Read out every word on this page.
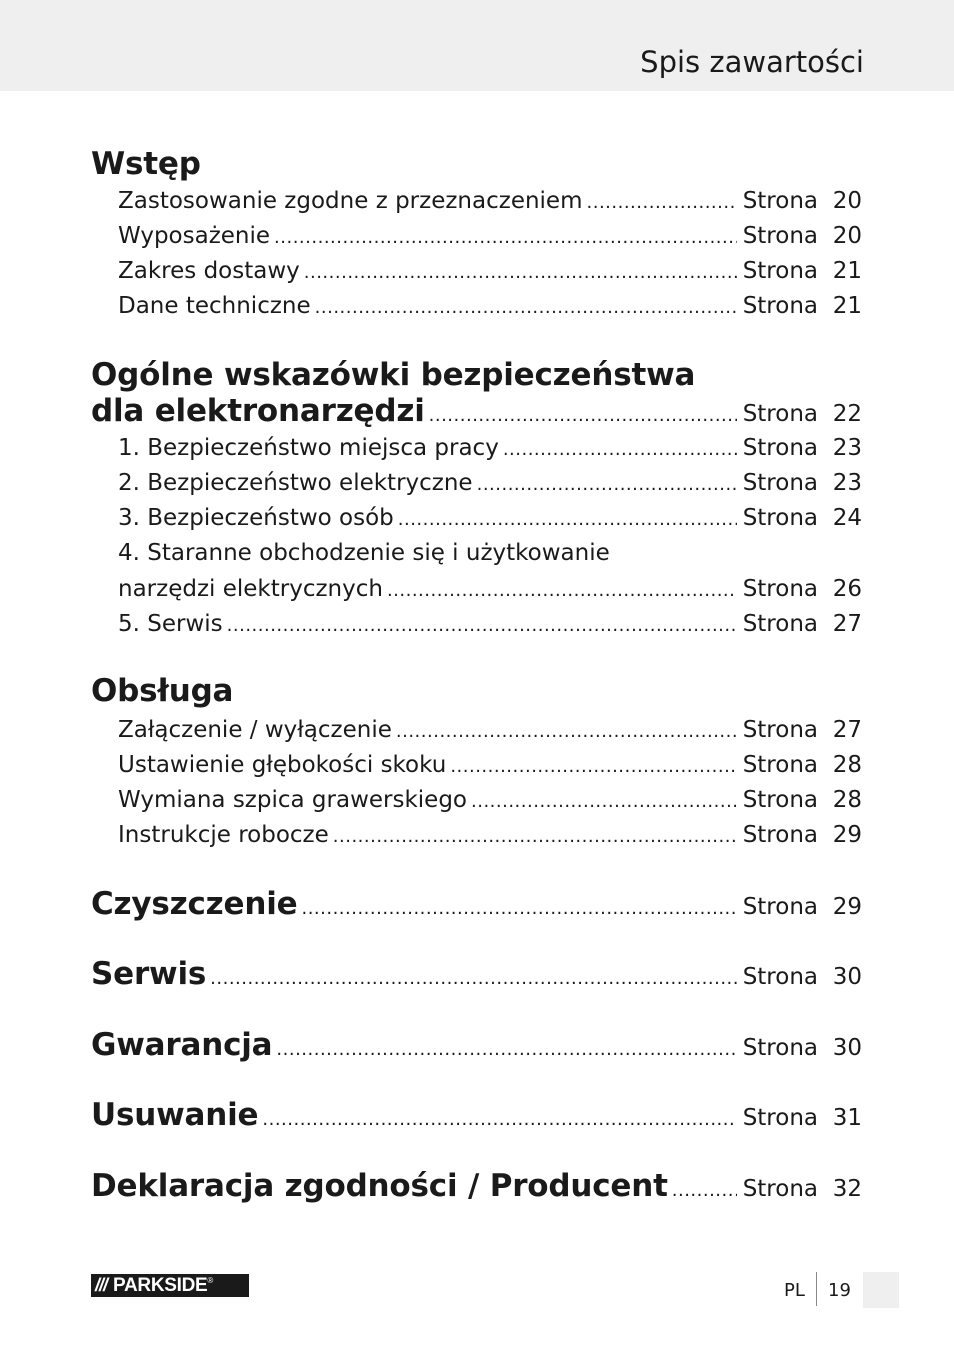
Spis zawartości
Wstęp
Zastosowanie zgodne z przeznaczeniem .....	Strona 20
Wyposażenie .....	Strona 20
Zakres dostawy .....	Strona 21
Dane techniczne .....	Strona 21
Ogólne wskazówki bezpieczeństwa
dla elektronarzędzi .....	Strona 22
1. Bezpieczeństwo miejsca pracy .....	Strona 23
2. Bezpieczeństwo elektryczne .....	Strona 23
3. Bezpieczeństwo osób .....	Strona 24
4. Staranne obchodzenie się i użytkowanie
narzędzi elektrycznych .....	Strona 26
5. Serwis .....	Strona 27
Obsługa
Załączenie / wyłączenie .....	Strona 27
Ustawienie głębokości skoku .....	Strona 28
Wymiana szpica grawerskiego .....	Strona 28
Instrukcje robocze .....	Strona 29
Czyszczenie .....	Strona 29
Serwis .....	Strona 30
Gwarancja .....	Strona 30
Usuwanie .....	Strona 31
Deklaracja zgodności / Producent .....	Strona 32
/// PARKSIDE ®	PL 19
